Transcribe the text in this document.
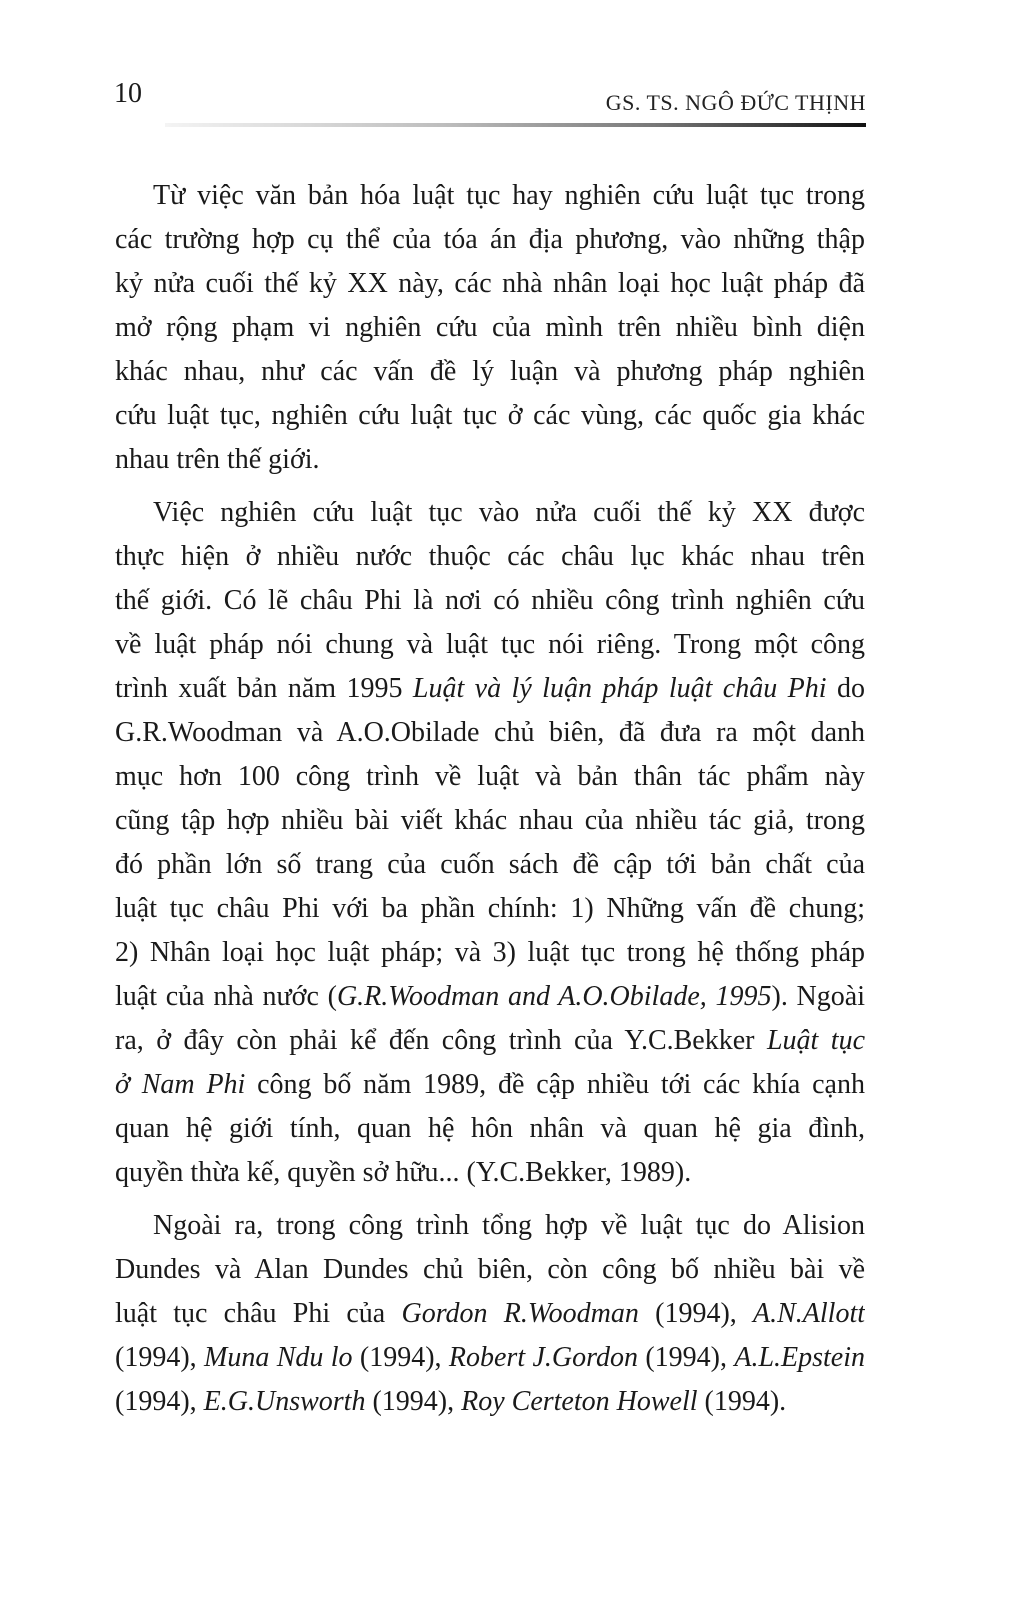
10	GS. TS. NGÔ ĐỨC THỊNH
Từ việc văn bản hóa luật tục hay nghiên cứu luật tục trong
các trường hợp cụ thể của tóa án địa phương, vào những thập
kỷ nửa cuối thế kỷ XX này, các nhà nhân loại học luật pháp đã
mở rộng phạm vi nghiên cứu của mình trên nhiều bình diện
khác nhau, như các vấn đề lý luận và phương pháp nghiên
cứu luật tục, nghiên cứu luật tục ở các vùng, các quốc gia khác
nhau trên thế giới.
Việc nghiên cứu luật tục vào nửa cuối thế kỷ XX được
thực hiện ở nhiều nước thuộc các châu lục khác nhau trên
thế giới. Có lẽ châu Phi là nơi có nhiều công trình nghiên cứu
về luật pháp nói chung và luật tục nói riêng. Trong một công
trình xuất bản năm 1995 Luật và lý luận pháp luật châu Phi do
G.R.Woodman và A.O.Obilade chủ biên, đã đưa ra một danh
mục hơn 100 công trình về luật và bản thân tác phẩm này
cũng tập hợp nhiều bài viết khác nhau của nhiều tác giả, trong
đó phần lớn số trang của cuốn sách đề cập tới bản chất của
luật tục châu Phi với ba phần chính: 1) Những vấn đề chung;
2) Nhân loại học luật pháp; và 3) luật tục trong hệ thống pháp
luật của nhà nước (G.R.Woodman and A.O.Obilade, 1995). Ngoài
ra, ở đây còn phải kể đến công trình của Y.C.Bekker Luật tục
ở Nam Phi công bố năm 1989, đề cập nhiều tới các khía cạnh
quan hệ giới tính, quan hệ hôn nhân và quan hệ gia đình,
quyền thừa kế, quyền sở hữu... (Y.C.Bekker, 1989).
Ngoài ra, trong công trình tổng hợp về luật tục do Alision
Dundes và Alan Dundes chủ biên, còn công bố nhiều bài về
luật tục châu Phi của Gordon R.Woodman (1994), A.N.Allott
(1994), Muna Ndu lo (1994), Robert J.Gordon (1994), A.L.Epstein
(1994), E.G.Unsworth (1994), Roy Certeton Howell (1994).
